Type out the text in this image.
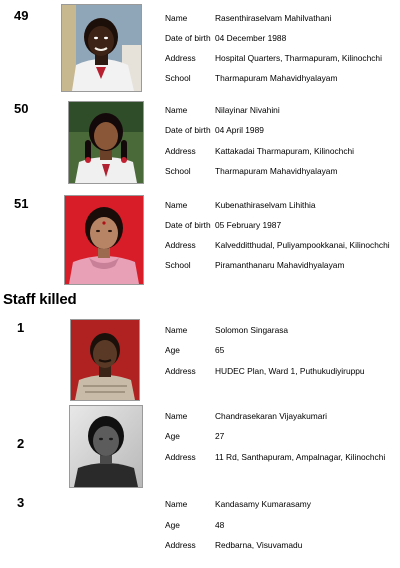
49	Name	Rasenthiraselvam Mahilvathani
Date of birth 04 December 1988
Address	Hospital Quarters, Tharmapuram, Kilinochchi
School	Tharmapuram Mahavidhyalayam
50	Name	Nilayinar Nivahini
Date of birth 04 April 1989
Address	Kattakadai Tharmapuram, Kilinochchi
School	Tharmapuram Mahavidhyalayam
51	Name	Kubenathiraselvam Lihithia
Date of birth 05 February 1987
Address	Kalvedditthudal, Puliyampookkanai, Kilinochchi
School	Piramanthanaru Mahavidhyalayam
Staff killed
1	Name	Solomon Singarasa
Age	65
Address	HUDEC Plan, Ward 1, Puthukudiyiruppu
2
Name	Chandrasekaran Vijayakumari
Age	27
Address	11 Rd, Santhapuram, Ampalnagar, Kilinochchi
3	Name	Kandasamy Kumarasamy
Age	48
Address	Redbarna, Visuvamadu
